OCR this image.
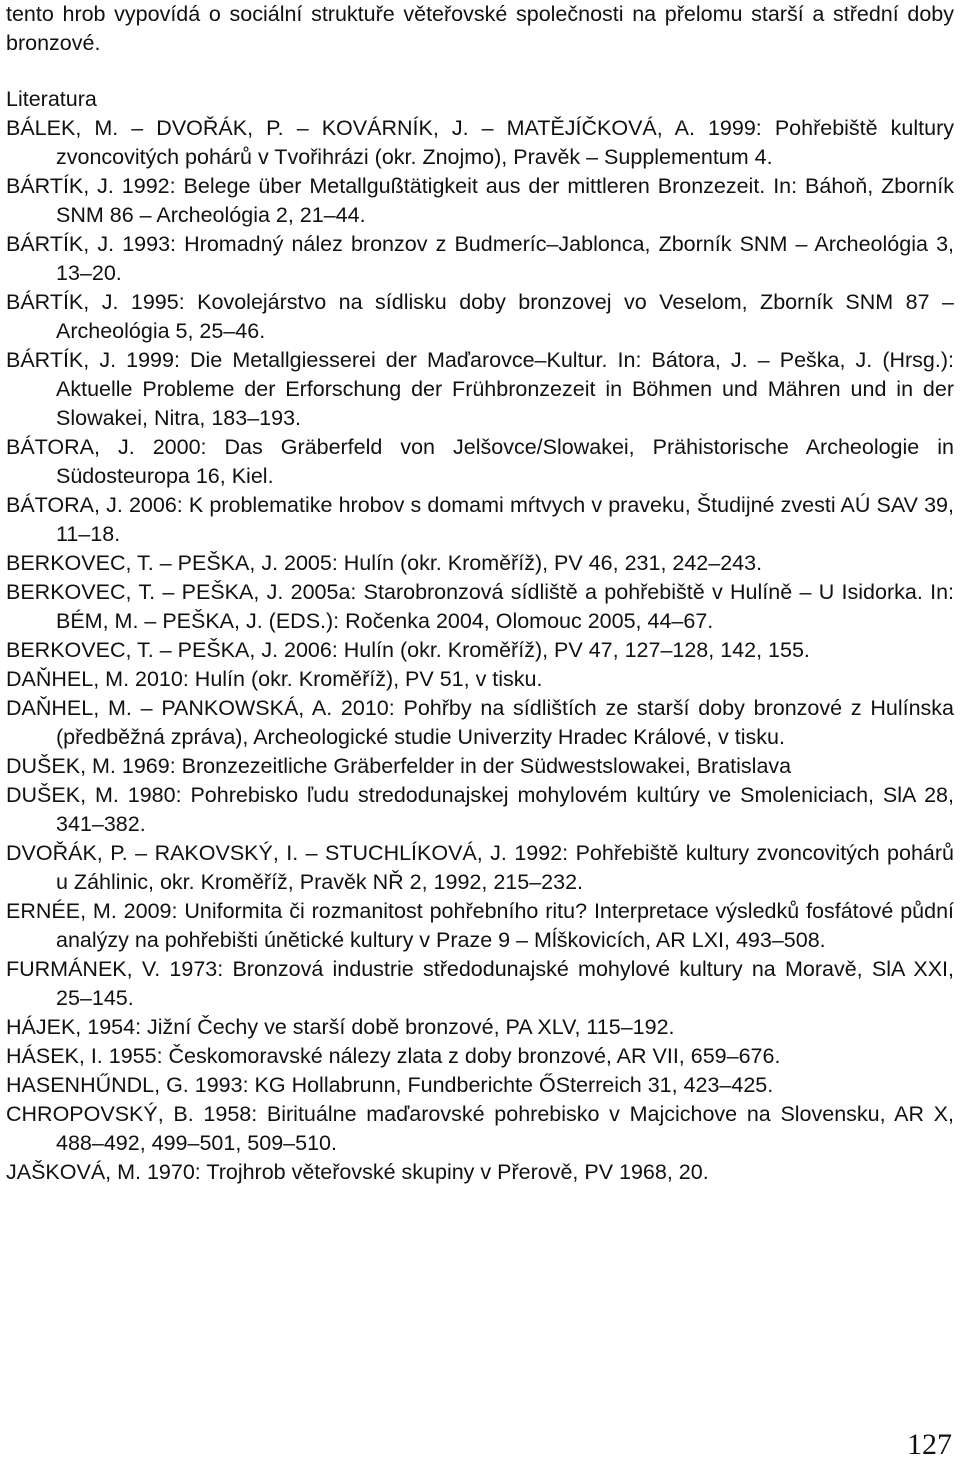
tento hrob vypovídá o sociální struktuře věteřovské společnosti na přelomu starší a střední doby bronzové.

Literatura
BÁLEK, M. – DVOŘÁK, P. – KOVÁRNÍK, J. – MATĚJÍČKOVÁ, A. 1999: Pohřebiště kultury zvoncovitých pohárů v Tvořihrázi (okr. Znojmo), Pravěk – Supplementum 4.
BÁRTÍK, J. 1992: Belege über Metallgußtätigkeit aus der mittleren Bronzezeit. In: Báhoň, Zborník SNM 86 – Archeológia 2, 21–44.
BÁRTÍK, J. 1993: Hromadný nález bronzov z Budmeríc–Jablonca, Zborník SNM – Archeológia 3, 13–20.
BÁRTÍK, J. 1995: Kovolejárstvo na sídlisku doby bronzovej vo Veselom, Zborník SNM 87 – Archeológia 5, 25–46.
BÁRTÍK, J. 1999: Die Metallgiesserei der Maďarovce–Kultur. In: Bátora, J. – Peška, J. (Hrsg.): Aktuelle Probleme der Erforschung der Frühbronzezeit in Böhmen und Mähren und in der Slowakei, Nitra, 183–193.
BÁTORA, J. 2000: Das Gräberfeld von Jelšovce/Slowakei, Prähistorische Archeologie in Südosteuropa 16, Kiel.
BÁTORA, J. 2006: K problematike hrobov s domami mŕtvych v praveku, Študijné zvesti AÚ SAV 39, 11–18.
BERKOVEC, T. – PEŠKA, J. 2005: Hulín (okr. Kroměříž), PV 46, 231, 242–243.
BERKOVEC, T. – PEŠKA, J. 2005a: Starobronzová sídliště a pohřebiště v Hulíně – U Isidorka. In: BÉM, M. – PEŠKA, J. (EDS.): Ročenka 2004, Olomouc 2005, 44–67.
BERKOVEC, T. – PEŠKA, J. 2006: Hulín (okr. Kroměříž), PV 47, 127–128, 142, 155.
DAŇHEL, M. 2010: Hulín (okr. Kroměříž), PV 51, v tisku.
DAŇHEL, M. – PANKOWSKÁ, A. 2010: Pohřby na sídlištích ze starší doby bronzové z Hulínska (předběžná zpráva), Archeologické studie Univerzity Hradec Králové, v tisku.
DUŠEK, M. 1969: Bronzezeitliche Gräberfelder in der Südwestslowakei, Bratislava
DUŠEK, M. 1980: Pohrebisko ľudu stredodunajskej mohylovém kultúry ve Smoleniciach, SlA 28, 341–382.
DVOŘÁK, P. – RAKOVSKÝ, I. – STUCHLÍKOVÁ, J. 1992: Pohřebiště kultury zvoncovitých pohárů u Záhlinic, okr. Kroměříž, Pravěk NŘ 2, 1992, 215–232.
ERNÉE, M. 2009: Uniformita či rozmanitost pohřebního ritu? Interpretace výsledků fosfátové půdní analýzy na pohřebišti únětické kultury v Praze 9 – Mĺškovicích, AR LXI, 493–508.
FURMÁNEK, V. 1973: Bronzová industrie středodunajské mohylové kultury na Moravě, SlA XXI, 25–145.
HÁJEK, 1954: Jižní Čechy ve starší době bronzové, PA XLV, 115–192.
HÁSEK, I. 1955: Českomoravské nálezy zlata z doby bronzové, AR VII, 659–676.
HASENHŰNDL, G. 1993: KG Hollabrunn, Fundberichte ŐSterreich 31, 423–425.
CHROPOVSKÝ, B. 1958: Birituálne maďarovské pohrebisko v Majcichove na Slovensku, AR X, 488–492, 499–501, 509–510.
JAŠKOVÁ, M. 1970: Trojhrob věteřovské skupiny v Přerově, PV 1968, 20.
127
